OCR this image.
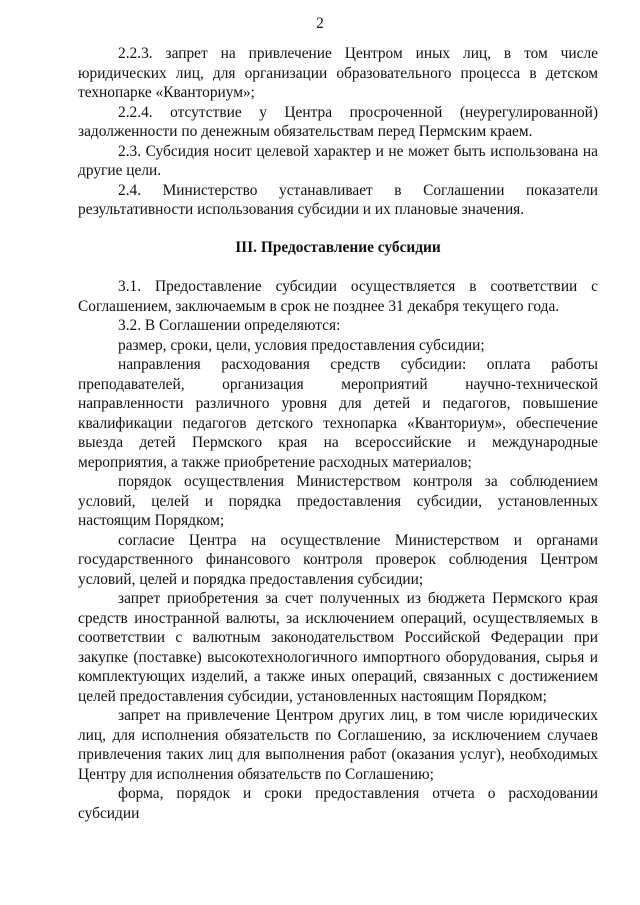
2

2.2.3. запрет на привлечение Центром иных лиц, в том числе юридических лиц, для организации образовательного процесса в детском технопарке «Кванториум»;

2.2.4. отсутствие у Центра просроченной (неурегулированной) задолженности по денежным обязательствам перед Пермским краем.

2.3. Субсидия носит целевой характер и не может быть использована на другие цели.

2.4. Министерство устанавливает в Соглашении показатели результативности использования субсидии и их плановые значения.

III. Предоставление субсидии

3.1. Предоставление субсидии осуществляется в соответствии с Соглашением, заключаемым в срок не позднее 31 декабря текущего года.

3.2. В Соглашении определяются:

размер, сроки, цели, условия предоставления субсидии;

направления расходования средств субсидии: оплата работы преподавателей, организация мероприятий научно-технической направленности различного уровня для детей и педагогов, повышение квалификации педагогов детского технопарка «Кванториум», обеспечение выезда детей Пермского края на всероссийские и международные мероприятия, а также приобретение расходных материалов;

порядок осуществления Министерством контроля за соблюдением условий, целей и порядка предоставления субсидии, установленных настоящим Порядком;

согласие Центра на осуществление Министерством и органами государственного финансового контроля проверок соблюдения Центром условий, целей и порядка предоставления субсидии;

запрет приобретения за счет полученных из бюджета Пермского края средств иностранной валюты, за исключением операций, осуществляемых в соответствии с валютным законодательством Российской Федерации при закупке (поставке) высокотехнологичного импортного оборудования, сырья и комплектующих изделий, а также иных операций, связанных с достижением целей предоставления субсидии, установленных настоящим Порядком;

запрет на привлечение Центром других лиц, в том числе юридических лиц, для исполнения обязательств по Соглашению, за исключением случаев привлечения таких лиц для выполнения работ (оказания услуг), необходимых Центру для исполнения обязательств по Соглашению;

форма, порядок и сроки предоставления отчета о расходовании субсидии
